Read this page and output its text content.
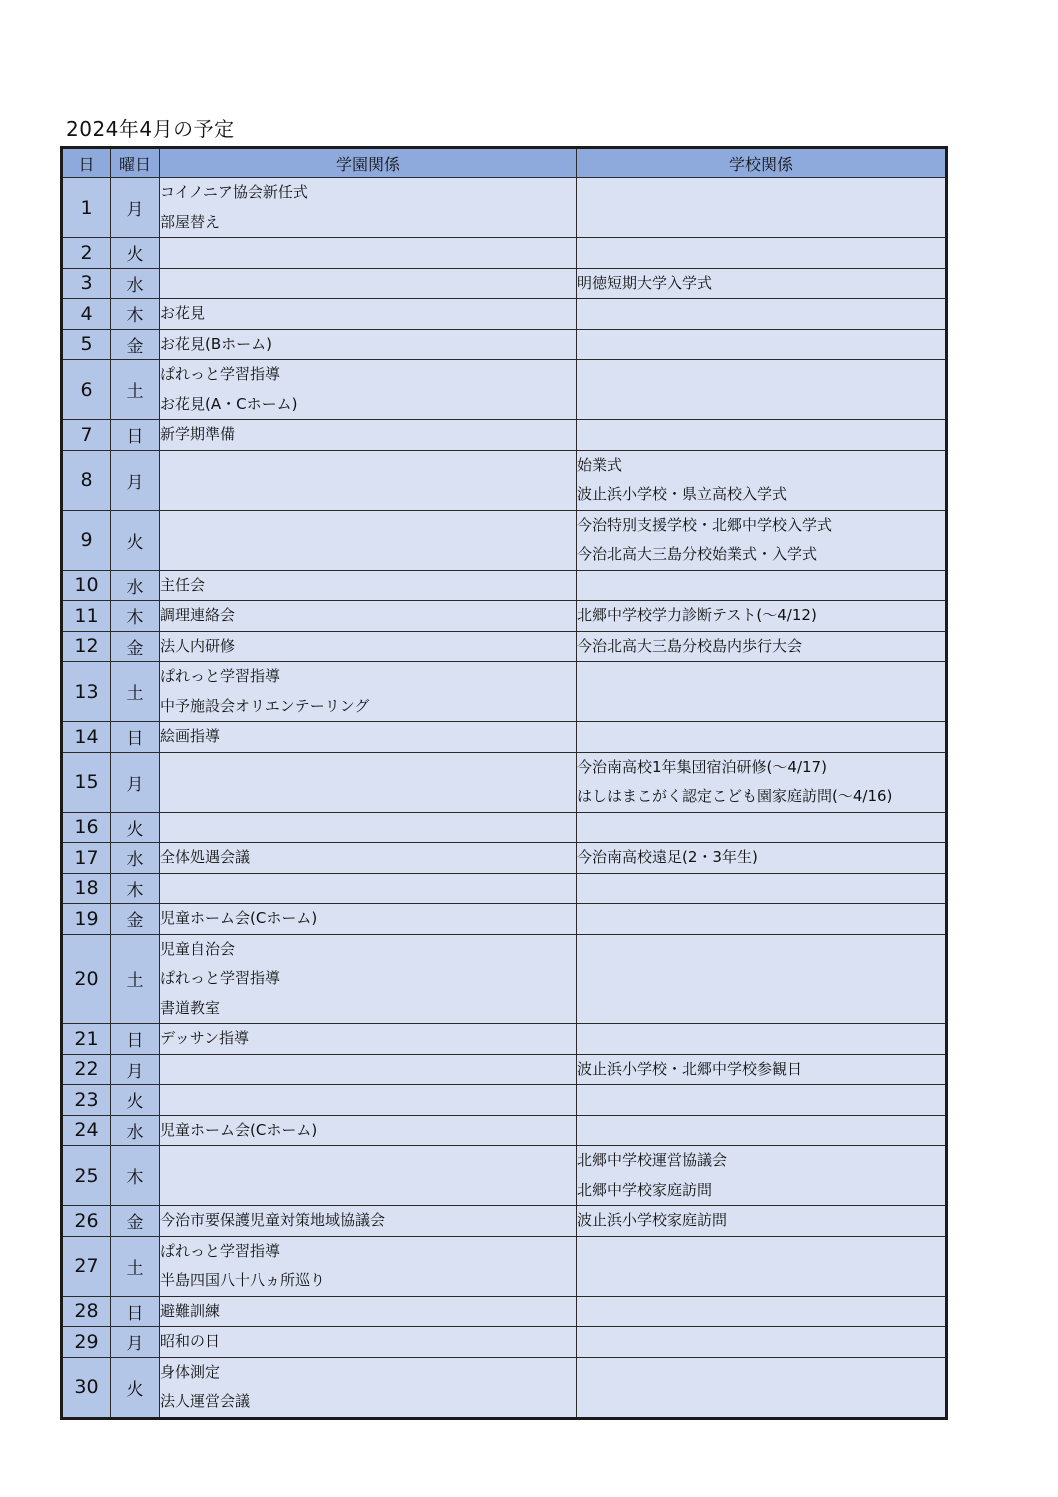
2024年4月の予定
日	曜日	学園関係	学校関係
1	月	コイノニア協会新任式
部屋替え	

2	火		
3	水		明徳短期大学入学式

4	木	お花見	

5	金	お花見(Bホーム)	

6	土	ぱれっと学習指導
お花見(A・Cホーム)	

7	日	新学期準備	

8	月		始業式
波止浜小学校・県立高校入学式

9	火		今治特別支援学校・北郷中学校入学式
今治北高大三島分校始業式・入学式

10	水	主任会	

11	木	調理連絡会	北郷中学校学力診断テスト(～4/12)

12	金	法人内研修	今治北高大三島分校島内歩行大会

13	土	ぱれっと学習指導
中予施設会オリエンテーリング	

14	日	絵画指導	

15	月		今治南高校1年集団宿泊研修(～4/17)
はしはまこがく認定こども園家庭訪問(～4/16)

16	火		
17	水	全体処遇会議	今治南高校遠足(2・3年生)

18	木		
19	金	児童ホーム会(Cホーム)	

20	土	児童自治会
ぱれっと学習指導
書道教室	

21	日	デッサン指導	

22	月		波止浜小学校・北郷中学校参観日

23	火		
24	水	児童ホーム会(Cホーム)	

25	木		北郷中学校運営協議会
北郷中学校家庭訪問

26	金	今治市要保護児童対策地域協議会	波止浜小学校家庭訪問

27	土	ぱれっと学習指導
半島四国八十八ヵ所巡り	

28	日	避難訓練	

29	月	昭和の日	

30	火	身体測定
法人運営会議	
